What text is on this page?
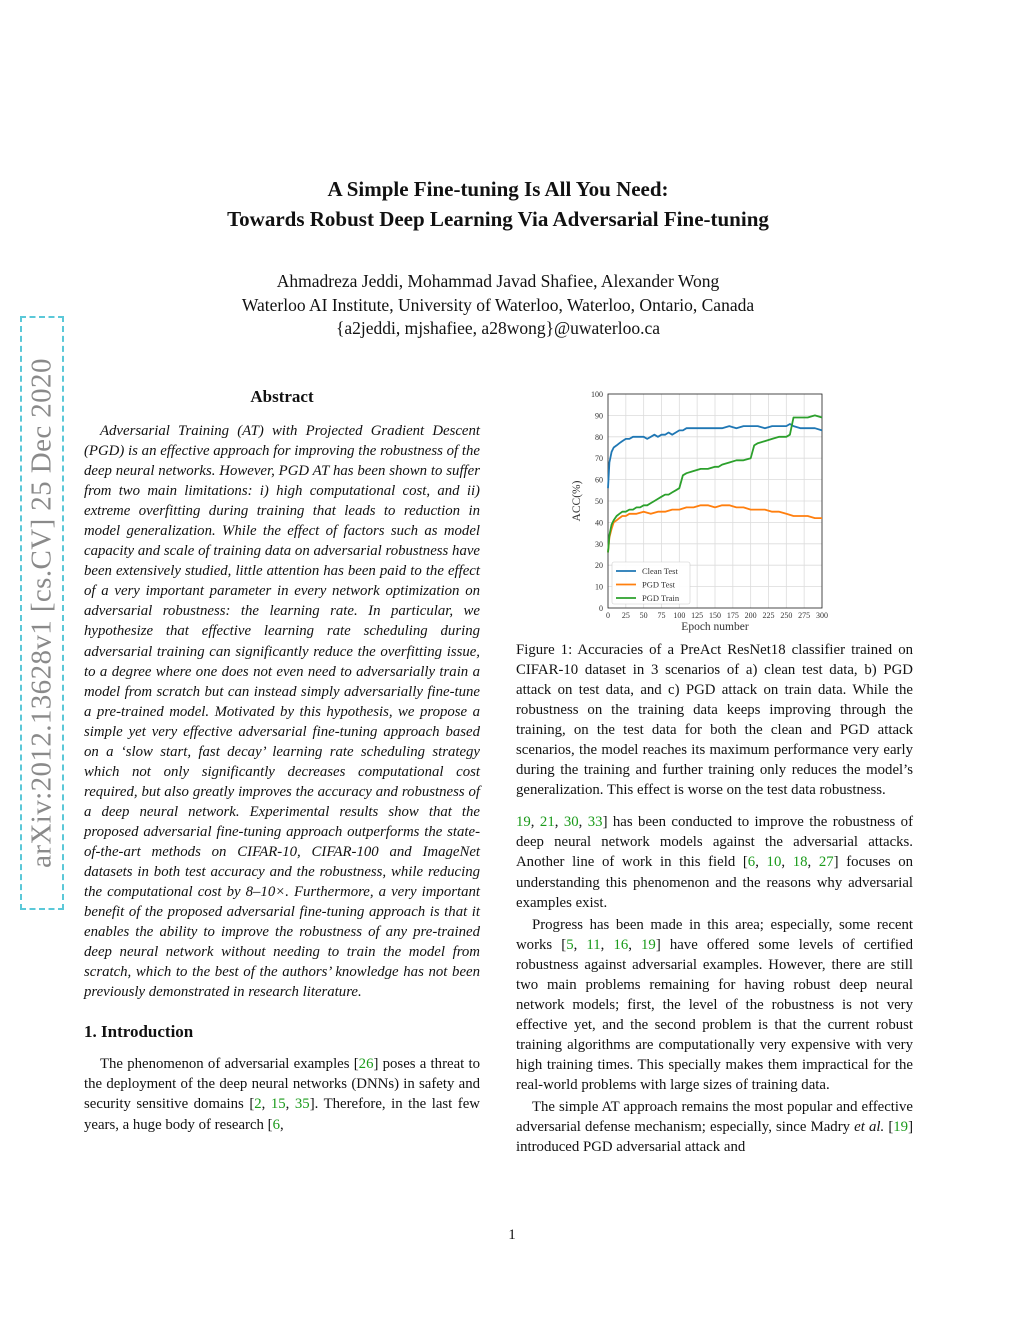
arXiv:2012.13628v1 [cs.CV] 25 Dec 2020
A Simple Fine-tuning Is All You Need:
Towards Robust Deep Learning Via Adversarial Fine-tuning
Ahmadreza Jeddi, Mohammad Javad Shafiee, Alexander Wong
Waterloo AI Institute, University of Waterloo, Waterloo, Ontario, Canada
{a2jeddi, mjshafiee, a28wong}@uwaterloo.ca
Abstract

Adversarial Training (AT) with Projected Gradient Descent (PGD) is an effective approach for improving the robustness of the deep neural networks. However, PGD AT has been shown to suffer from two main limitations: i) high computational cost, and ii) extreme overfitting during training that leads to reduction in model generalization. While the effect of factors such as model capacity and scale of training data on adversarial robustness have been extensively studied, little attention has been paid to the effect of a very important parameter in every network optimization on adversarial robustness: the learning rate. In particular, we hypothesize that effective learning rate scheduling during adversarial training can significantly reduce the overfitting issue, to a degree where one does not even need to adversarially train a model from scratch but can instead simply adversarially fine-tune a pre-trained model. Motivated by this hypothesis, we propose a simple yet very effective adversarial fine-tuning approach based on a ‘slow start, fast decay’ learning rate scheduling strategy which not only significantly decreases computational cost required, but also greatly improves the accuracy and robustness of a deep neural network. Experimental results show that the proposed adversarial fine-tuning approach outperforms the state-of-the-art methods on CIFAR-10, CIFAR-100 and ImageNet datasets in both test accuracy and the robustness, while reducing the computational cost by 8–10×. Furthermore, a very important benefit of the proposed adversarial fine-tuning approach is that it enables the ability to improve the robustness of any pre-trained deep neural network without needing to train the model from scratch, which to the best of the authors’ knowledge has not been previously demonstrated in research literature.

1. Introduction

The phenomenon of adversarial examples [26] poses a threat to the deployment of the deep neural networks (DNNs) in safety and security sensitive domains [2, 15, 35]. Therefore, in the last few years, a huge body of research [6,

0
10
20
30
40
50
60
70
80
90
100
0 25 50 75 100 125 150 175 200 225 250 275 300
Epoch number
ACC(%)
Clean Test
PGD Test
PGD Train

Figure 1: Accuracies of a PreAct ResNet18 classifier trained on CIFAR-10 dataset in 3 scenarios of a) clean test data, b) PGD attack on test data, and c) PGD attack on train data. While the robustness on the training data keeps improving through the training, on the test data for both the clean and PGD attack scenarios, the model reaches its maximum performance very early during the training and further training only reduces the model’s generalization. This effect is worse on the test data robustness.

19, 21, 30, 33] has been conducted to improve the robustness of deep neural network models against the adversarial attacks. Another line of work in this field [6, 10, 18, 27] focuses on understanding this phenomenon and the reasons why adversarial examples exist.

Progress has been made in this area; especially, some recent works [5, 11, 16, 19] have offered some levels of certified robustness against adversarial examples. However, there are still two main problems remaining for having robust deep neural network models; first, the level of the robustness is not very effective yet, and the second problem is that the current robust training algorithms are computationally very expensive with very high training times. This specially makes them impractical for the real-world problems with large sizes of training data.

The simple AT approach remains the most popular and effective adversarial defense mechanism; especially, since Madry et al. [19] introduced PGD adversarial attack and

1
